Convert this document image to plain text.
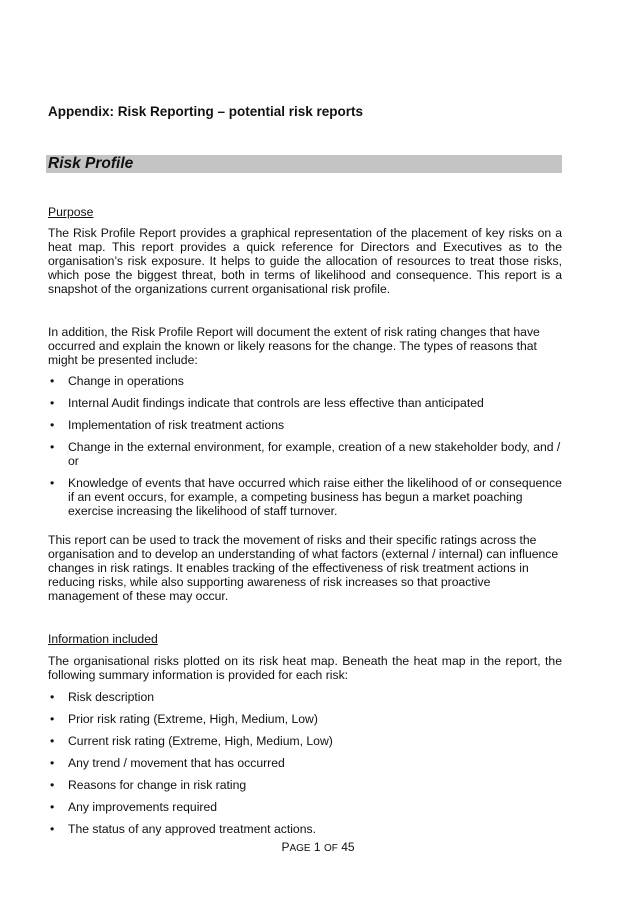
Appendix: Risk Reporting – potential risk reports
Risk Profile
Purpose
The Risk Profile Report provides a graphical representation of the placement of key risks on a heat map. This report provides a quick reference for Directors and Executives as to the organisation’s risk exposure. It helps to guide the allocation of resources to treat those risks, which pose the biggest threat, both in terms of likelihood and consequence. This report is a snapshot of the organizations current organisational risk profile.
In addition, the Risk Profile Report will document the extent of risk rating changes that have occurred and explain the known or likely reasons for the change. The types of reasons that might be presented include:
• Change in operations
• Internal Audit findings indicate that controls are less effective than anticipated
• Implementation of risk treatment actions
• Change in the external environment, for example, creation of a new stakeholder body, and / or
• Knowledge of events that have occurred which raise either the likelihood of or consequence if an event occurs, for example, a competing business has begun a market poaching exercise increasing the likelihood of staff turnover.
This report can be used to track the movement of risks and their specific ratings across the organisation and to develop an understanding of what factors (external / internal) can influence changes in risk ratings. It enables tracking of the effectiveness of risk treatment actions in reducing risks, while also supporting awareness of risk increases so that proactive management of these may occur.
Information included
The organisational risks plotted on its risk heat map. Beneath the heat map in the report, the following summary information is provided for each risk:
• Risk description
• Prior risk rating (Extreme, High, Medium, Low)
• Current risk rating (Extreme, High, Medium, Low)
• Any trend / movement that has occurred
• Reasons for change in risk rating
• Any improvements required
• The status of any approved treatment actions.
PAGE 1 OF 45
